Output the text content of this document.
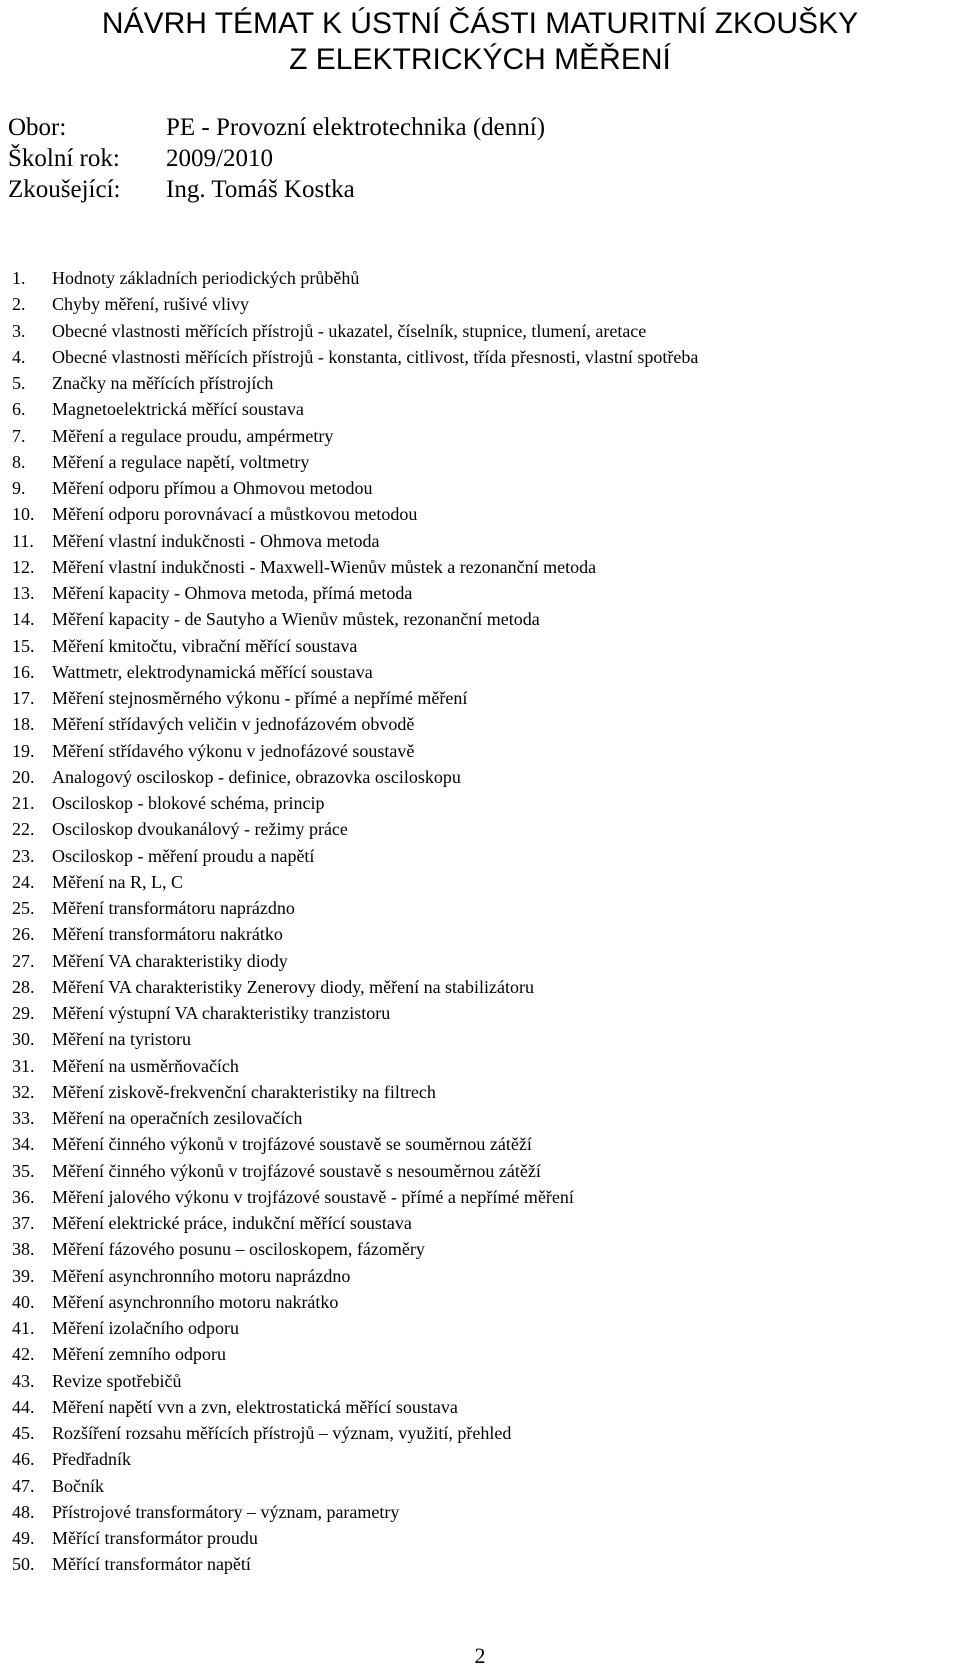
NÁVRH TÉMAT K ÚSTNÍ ČÁSTI MATURITNÍ ZKOUŠKY
Z ELEKTRICKÝCH MĚŘENÍ
Obor:	PE - Provozní elektrotechnika (denní)
Školní rok:	2009/2010
Zkoušející:	Ing. Tomáš Kostka
1.	Hodnoty základních periodických průběhů
2.	Chyby měření, rušivé vlivy
3.	Obecné vlastnosti měřících přístrojů - ukazatel, číselník, stupnice, tlumení, aretace
4.	Obecné vlastnosti měřících přístrojů - konstanta, citlivost, třída přesnosti, vlastní spotřeba
5.	Značky na měřících přístrojích
6.	Magnetoelektrická měřící soustava
7.	Měření a regulace proudu, ampérmetry
8.	Měření a regulace napětí, voltmetry
9.	Měření odporu přímou a Ohmovou metodou
10. Měření odporu porovnávací a můstkovou metodou
11.	Měření vlastní indukčnosti - Ohmova metoda
12. Měření vlastní indukčnosti - Maxwell-Wienův můstek a rezonanční metoda
13. Měření kapacity - Ohmova metoda, přímá metoda
14. Měření kapacity - de Sautyho a Wienův můstek, rezonanční metoda
15. Měření kmitočtu, vibrační měřící soustava
16. Wattmetr, elektrodynamická měřící soustava
17. Měření stejnosměrného výkonu - přímé a nepřímé měření
18. Měření střídavých veličin v jednofázovém obvodě
19. Měření střídavého výkonu v jednofázové soustavě
20. Analogový osciloskop - definice, obrazovka osciloskopu
21. Osciloskop - blokové schéma, princip
22. Osciloskop dvoukanálový - režimy práce
23. Osciloskop - měření proudu a napětí
24. Měření na R, L, C
25. Měření transformátoru naprázdno
26. Měření transformátoru nakrátko
27. Měření VA charakteristiky diody
28. Měření VA charakteristiky Zenerovy diody, měření na stabilizátoru
29. Měření výstupní VA charakteristiky tranzistoru
30. Měření na tyristoru
31. Měření na usměrňovačích
32. Měření ziskově-frekvenční charakteristiky na filtrech
33. Měření na operačních zesilovačích
34. Měření činného výkonů v trojfázové soustavě se souměrnou zátěží
35. Měření činného výkonů v trojfázové soustavě s nesouměrnou zátěží
36. Měření jalového výkonu v trojfázové soustavě - přímé a nepřímé měření
37. Měření elektrické práce, indukční měřící soustava
38. Měření fázového posunu – osciloskopem, fázoměry
39. Měření asynchronního motoru naprázdno
40. Měření asynchronního motoru nakrátko
41. Měření izolačního odporu
42. Měření zemního odporu
43. Revize spotřebičů
44. Měření napětí vvn a zvn, elektrostatická měřící soustava
45. Rozšíření rozsahu měřících přístrojů – význam, využití, přehled
46. Předřadník
47. Bočník
48. Přístrojové transformátory – význam, parametry
49. Měřící transformátor proudu
50. Měřící transformátor napětí
2
